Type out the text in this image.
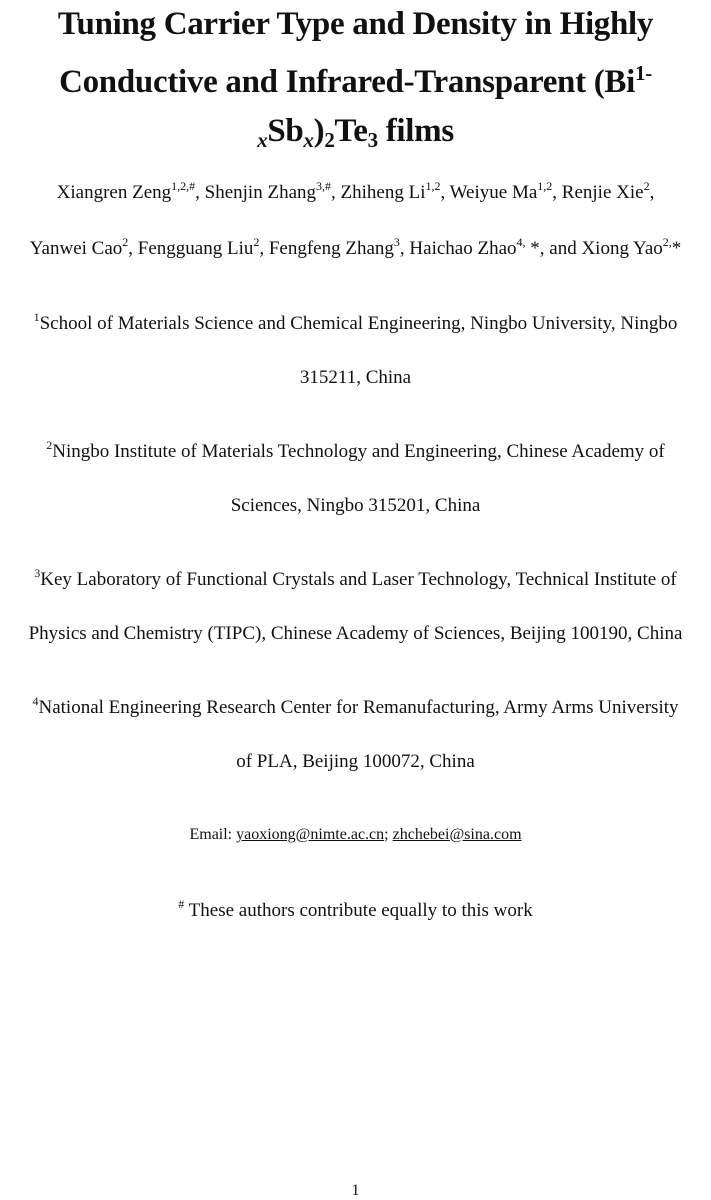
Tuning Carrier Type and Density in Highly
Conductive and Infrared-Transparent ($Bi^{1-}$
xSbx)2Te3 films
Xiangren Zeng$^{1,2,\#}$, Shenjin Zhang$^{3,\#}$, Zhiheng Li$^{1,2}$, Weiyue Ma$^{1,2}$, Renjie Xie$^2$,
Yanwei Cao$^2$, Fengguang Liu$^2$, Fengfeng Zhang$^3$, Haichao Zhao$^{4,}$ *, and Xiong Yao$^{2,}$*
$^1$School of Materials Science and Chemical Engineering, Ningbo University, Ningbo
315211, China
$^2$Ningbo Institute of Materials Technology and Engineering, Chinese Academy of
Sciences, Ningbo 315201, China
$^3$Key Laboratory of Functional Crystals and Laser Technology, Technical Institute of
Physics and Chemistry (TIPC), Chinese Academy of Sciences, Beijing 100190, China
$^4$National Engineering Research Center for Remanufacturing, Army Arms University
of PLA, Beijing 100072, China
Email: yaoxiong@nimte.ac.cn; zhchebei@sina.com
# These authors contribute equally to this work
1
